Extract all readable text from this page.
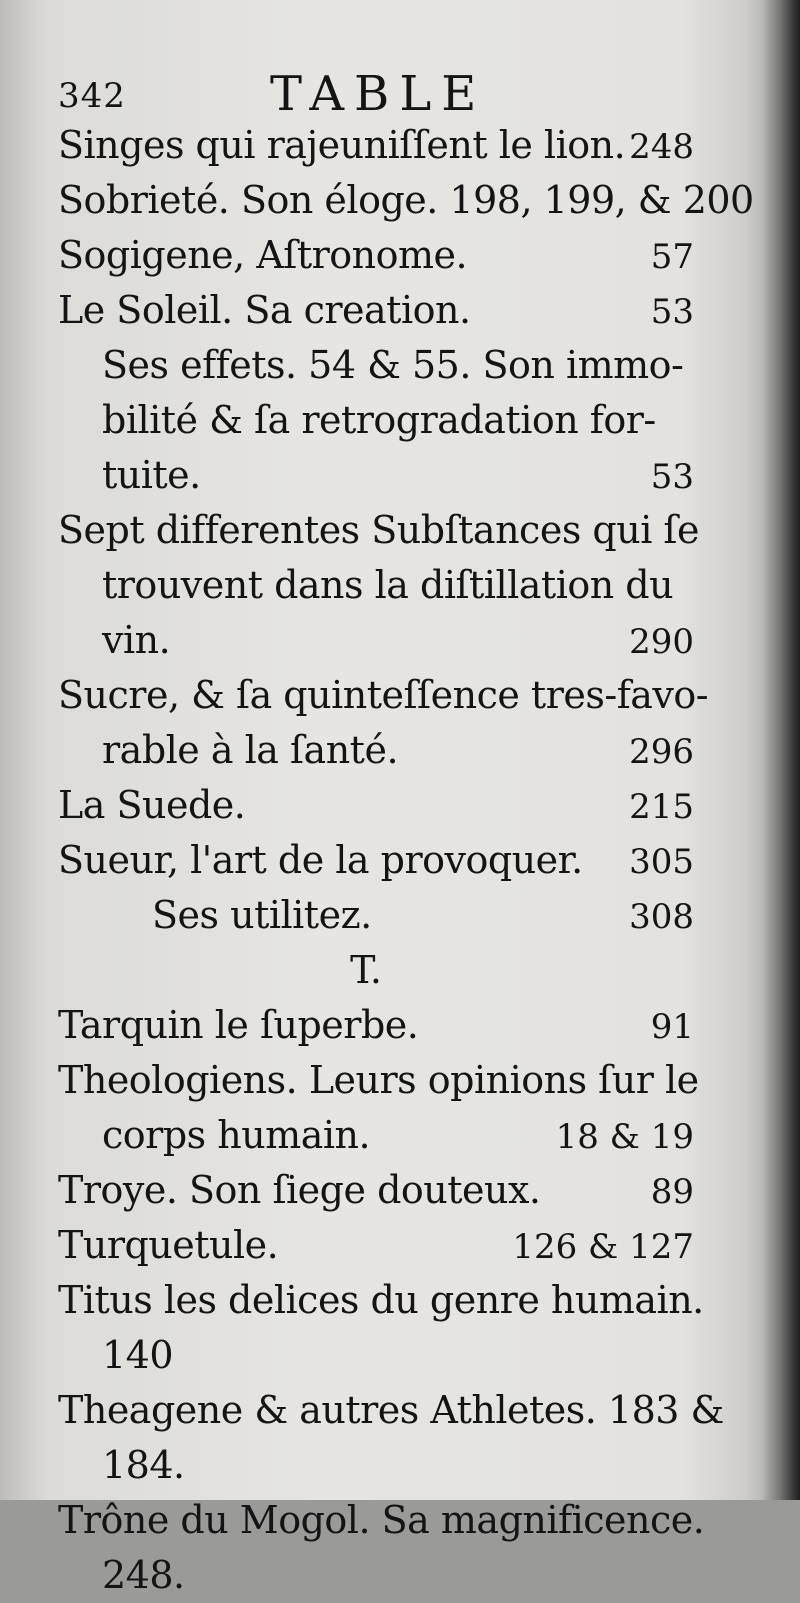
342	TABLE
Singes qui rajeuniſſent le lion. 248
Sobrieté. Son éloge. 198, 199, & 200
Sogigene, Aſtronome.	57
Le Soleil. Sa creation.	53
Ses effets. 54 & 55. Son immo-
bilité & ſa retrogradation for-
tuite.	53
Sept differentes Subſtances qui ſe
trouvent dans la diſtillation du
vin.	290
Sucre, & ſa quinteſſence tres-favo-
rable à la ſanté.	296
La Suede.	215
Sueur, l'art de la provoquer. 305
Ses utilitez.	308
T.
Tarquin le ſuperbe.	91
Theologiens. Leurs opinions ſur le
corps humain.	18 & 19
Troye. Son ſiege douteux.	89
Turquetule.	126 & 127
Titus les delices du genre humain.
140
Theagene & autres Athletes. 183 &
184.
Trône du Mogol. Sa magnificence.
248.
